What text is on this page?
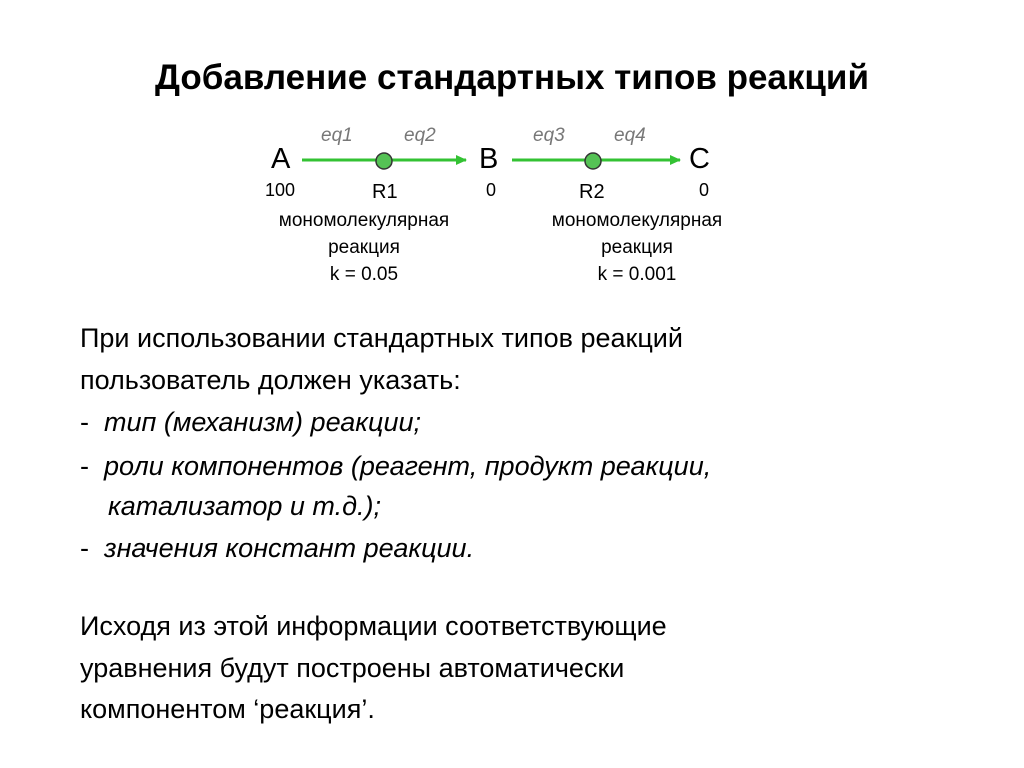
Добавление стандартных типов реакций
A	B	C
100	0	0
eq1	eq2	eq3	eq4
R1	R2
мономолекулярная
реакция
k = 0.05
мономолекулярная
реакция
k = 0.001
При использовании стандартных типов реакций
пользователь должен указать:
- тип (механизм) реакции;
- роли компонентов (реагент, продукт реакции,
катализатор и т.д.);
- значения констант реакции.
Исходя из этой информации соответствующие
уравнения будут построены автоматически
компонентом ‘реакция’.
